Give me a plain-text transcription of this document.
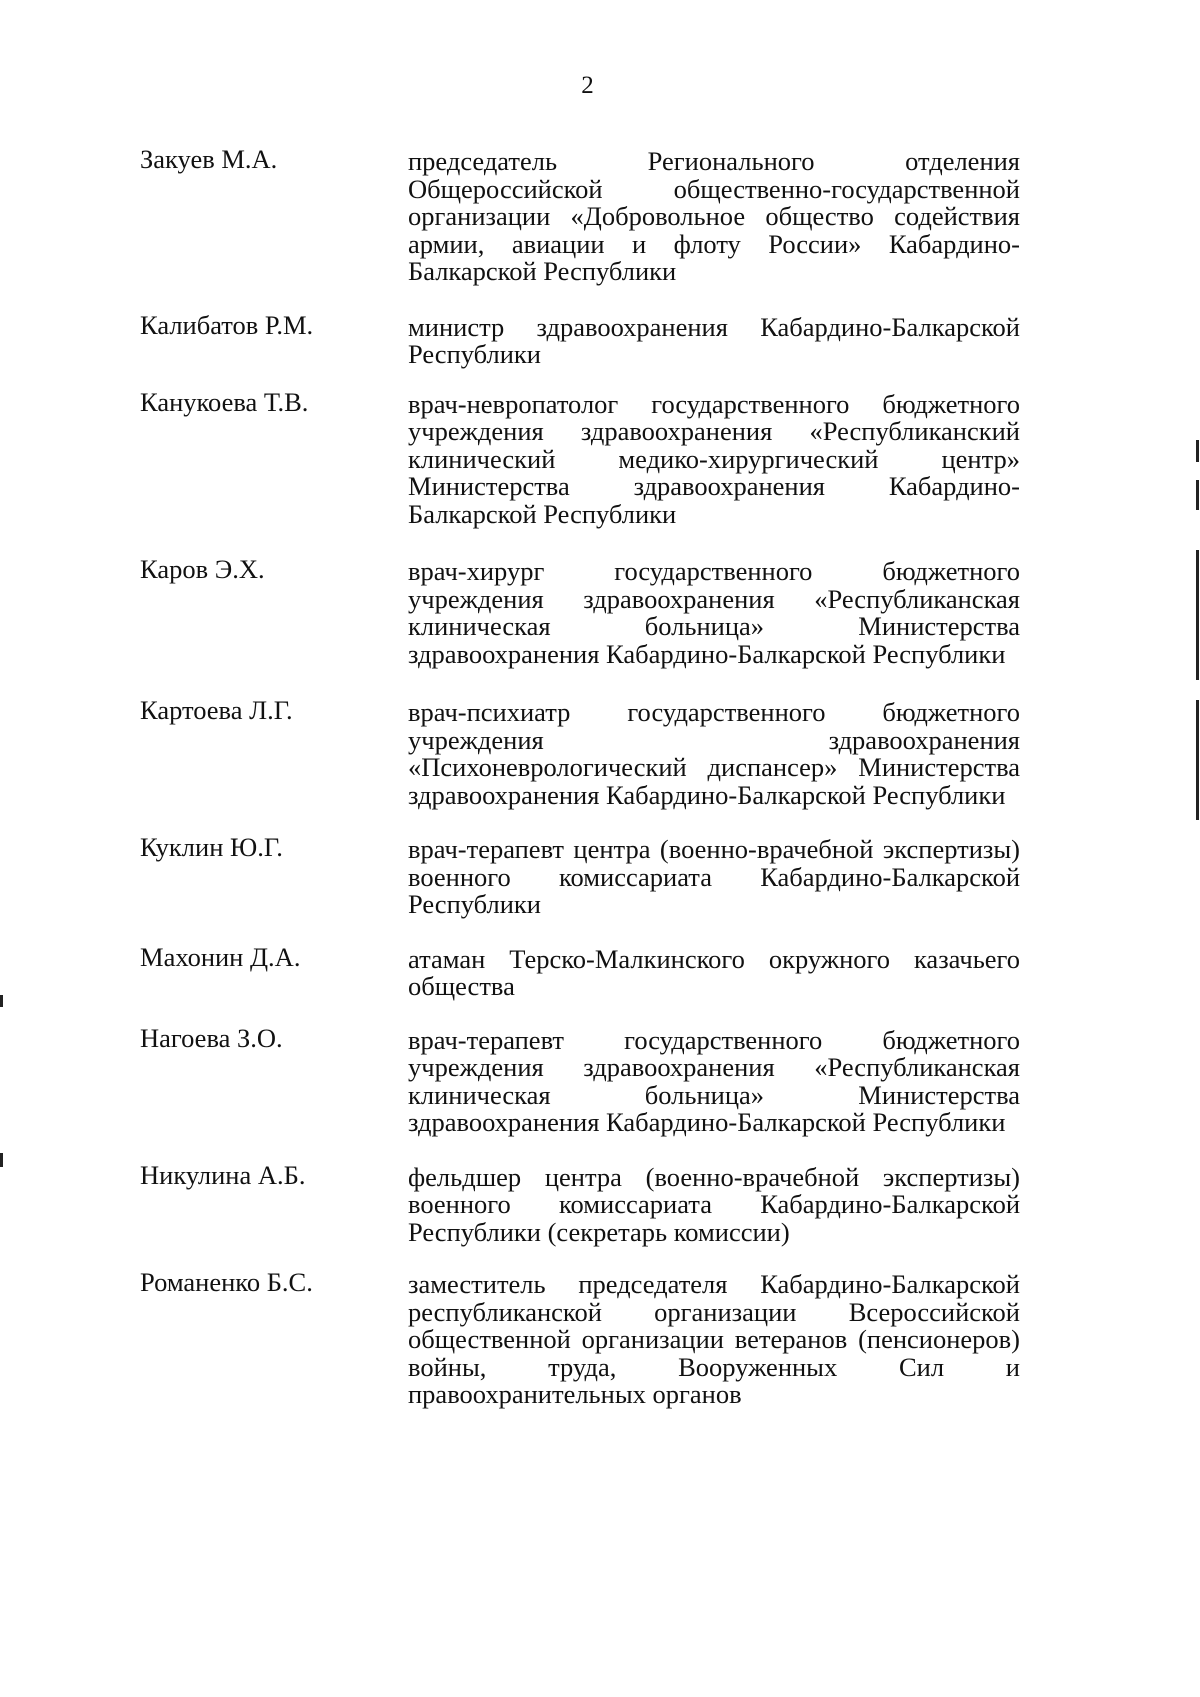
2
Закуев М.А.	председатель Регионального отделения Общероссийской общественно-государственной организации «Добровольное общество содействия армии, авиации и флоту России» Кабардино-Балкарской Республики
Калибатов Р.М.	министр здравоохранения Кабардино-Балкарской Республики
Канукоева Т.В.	врач-невропатолог государственного бюджетного учреждения здравоохранения «Республиканский клинический медико-хирургический центр» Министерства здравоохранения Кабардино-Балкарской Республики
Каров Э.Х.	врач-хирург государственного бюджетного учреждения здравоохранения «Республиканская клиническая больница» Министерства здравоохранения Кабардино-Балкарской Республики
Картоева Л.Г.	врач-психиатр государственного бюджетного учреждения здравоохранения «Психоневрологический диспансер» Министерства здравоохранения Кабардино-Балкарской Республики
Куклин Ю.Г.	врач-терапевт центра (военно-врачебной экспертизы) военного комиссариата Кабардино-Балкарской Республики
Махонин Д.А.	атаман Терско-Малкинского окружного казачьего общества
Нагоева З.О.	врач-терапевт государственного бюджетного учреждения здравоохранения «Республиканская клиническая больница» Министерства здравоохранения Кабардино-Балкарской Республики
Никулина А.Б.	фельдшер центра (военно-врачебной экспертизы) военного комиссариата Кабардино-Балкарской Республики (секретарь комиссии)
Романенко Б.С.	заместитель председателя Кабардино-Балкарской республиканской организации Всероссийской общественной организации ветеранов (пенсионеров) войны, труда, Вооруженных Сил и правоохранительных органов
